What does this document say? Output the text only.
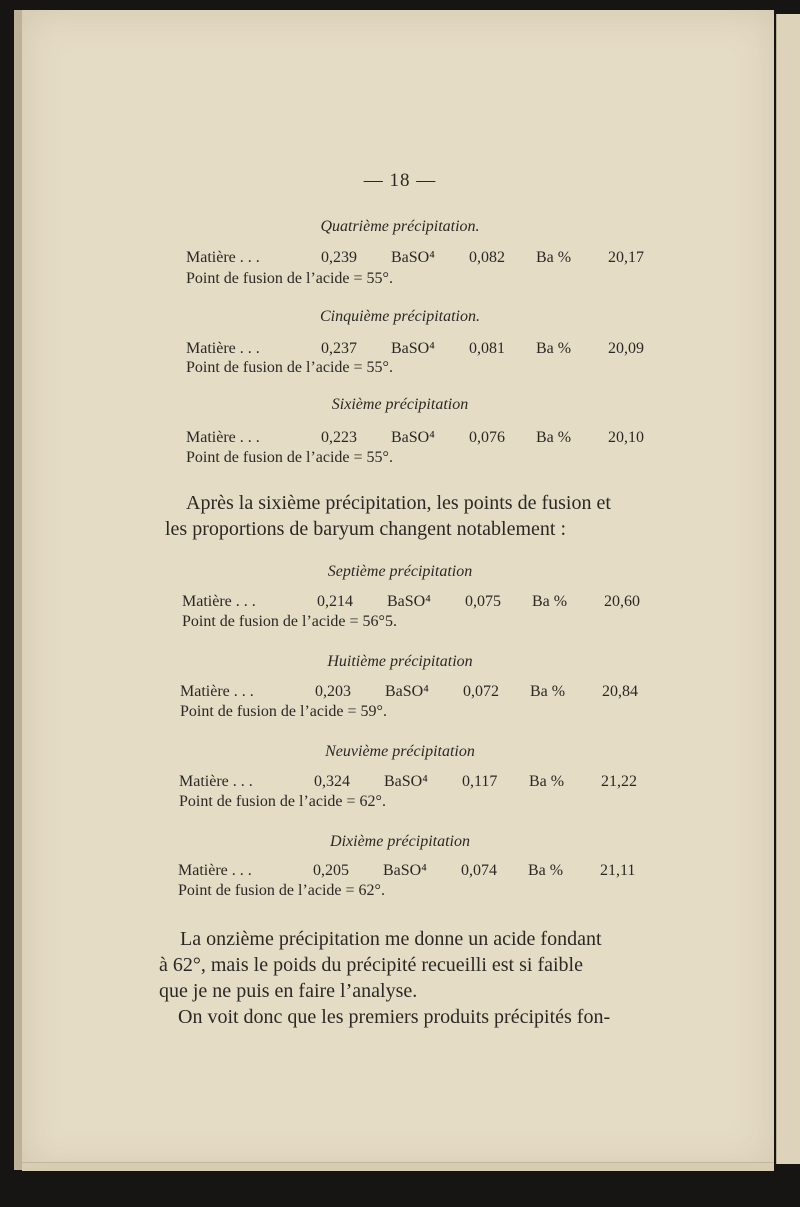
— 18 —
Quatrième précipitation.
Matière . . .	0,239 BaSO⁴ 0,082 Ba % 20,17
Point de fusion de l’acide = 55°.
Cinquième précipitation.
Matière . . .	0,237 BaSO⁴ 0,081 Ba % 20,09
Point de fusion de l’acide = 55°.
Sixième précipitation
Matière . . .	0,223 BaSO⁴ 0,076 Ba % 20,10
Point de fusion de l’acide = 55°.
Après la sixième précipitation, les points de fusion et
les proportions de baryum changent notablement :
Septième précipitation
Matière . . .	0,214 BaSO⁴ 0,075 Ba % 20,60
Point de fusion de l’acide = 56°5.
Huitième précipitation
Matière . . .	0,203 BaSO⁴ 0,072 Ba % 20,84
Point de fusion de l’acide = 59°.
Neuvième précipitation
Matière . . .	0,324 BaSO⁴ 0,117 Ba % 21,22
Point de fusion de l’acide = 62°.
Dixième précipitation
Matière . . .	0,205 BaSO⁴ 0,074 Ba % 21,11
Point de fusion de l’acide = 62°.
La onzième précipitation me donne un acide fondant
à 62°, mais le poids du précipité recueilli est si faible
que je ne puis en faire l’analyse.
On voit donc que les premiers produits précipités fon-
